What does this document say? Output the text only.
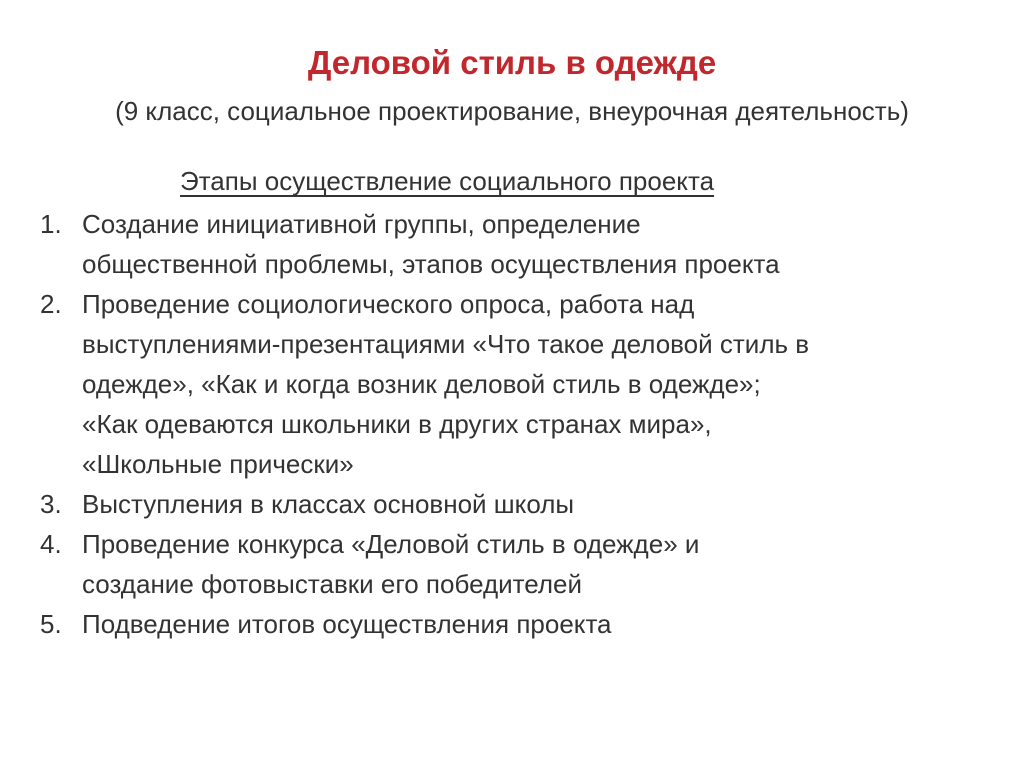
Деловой стиль в одежде
(9 класс, социальное проектирование, внеурочная деятельность)
Этапы осуществление социального проекта
1. Создание инициативной группы, определение
общественной проблемы, этапов осуществления проекта
2. Проведение социологического опроса, работа над
выступлениями-презентациями «Что такое деловой стиль в
одежде», «Как и когда возник деловой стиль в одежде»;
«Как одеваются школьники в других странах мира»,
«Школьные прически»
3. Выступления в классах основной школы
4. Проведение конкурса «Деловой стиль в одежде» и
создание фотовыставки его победителей
5. Подведение итогов осуществления проекта
